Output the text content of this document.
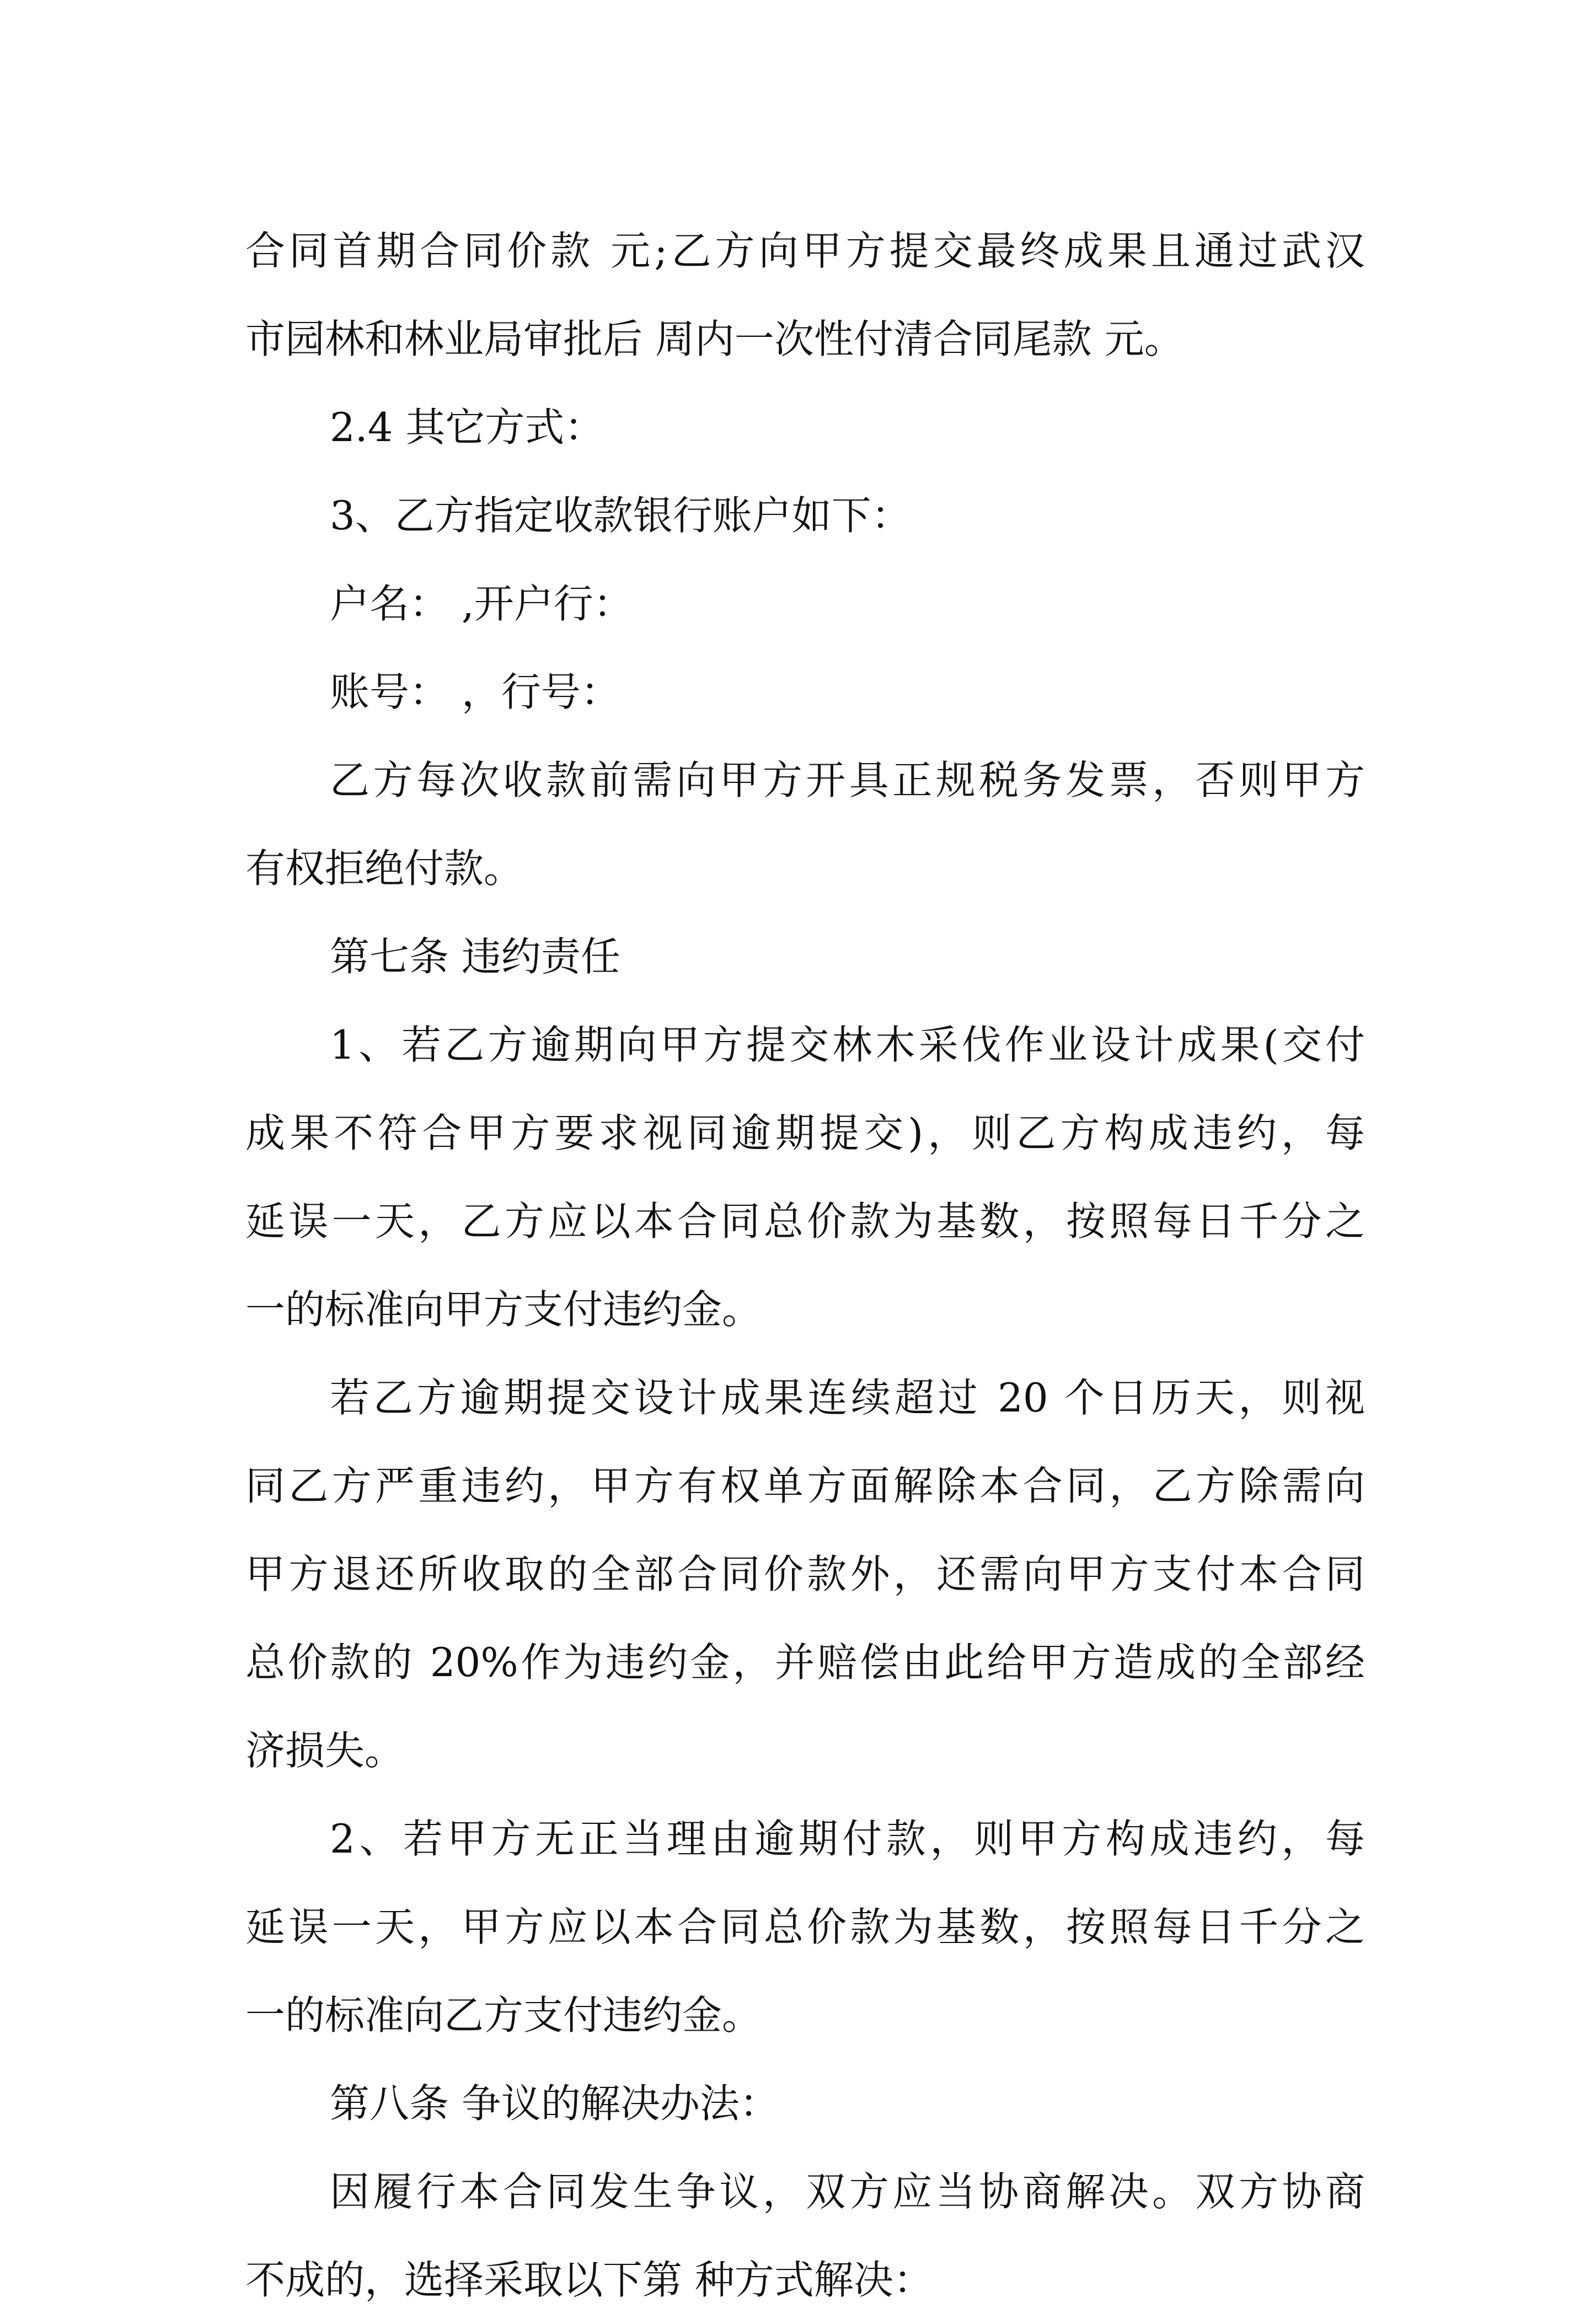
合同首期合同价款 元;乙方向甲方提交最终成果且通过武汉
市园林和林业局审批后 周内一次性付清合同尾款 元。
2.4 其它方式：
3、乙方指定收款银行账户如下：
户名： ,开户行：
账号： ，行号：
乙方每次收款前需向甲方开具正规税务发票，否则甲方
有权拒绝付款。
第七条 违约责任
1、若乙方逾期向甲方提交林木采伐作业设计成果(交付
成果不符合甲方要求视同逾期提交)，则乙方构成违约，每
延误一天，乙方应以本合同总价款为基数，按照每日千分之
一的标准向甲方支付违约金。
若乙方逾期提交设计成果连续超过 20 个日历天，则视
同乙方严重违约，甲方有权单方面解除本合同，乙方除需向
甲方退还所收取的全部合同价款外，还需向甲方支付本合同
总价款的 20%作为违约金，并赔偿由此给甲方造成的全部经
济损失。
2、若甲方无正当理由逾期付款，则甲方构成违约，每
延误一天，甲方应以本合同总价款为基数，按照每日千分之
一的标准向乙方支付违约金。
第八条 争议的解决办法：
因履行本合同发生争议，双方应当协商解决。双方协商
不成的，选择采取以下第 种方式解决：
